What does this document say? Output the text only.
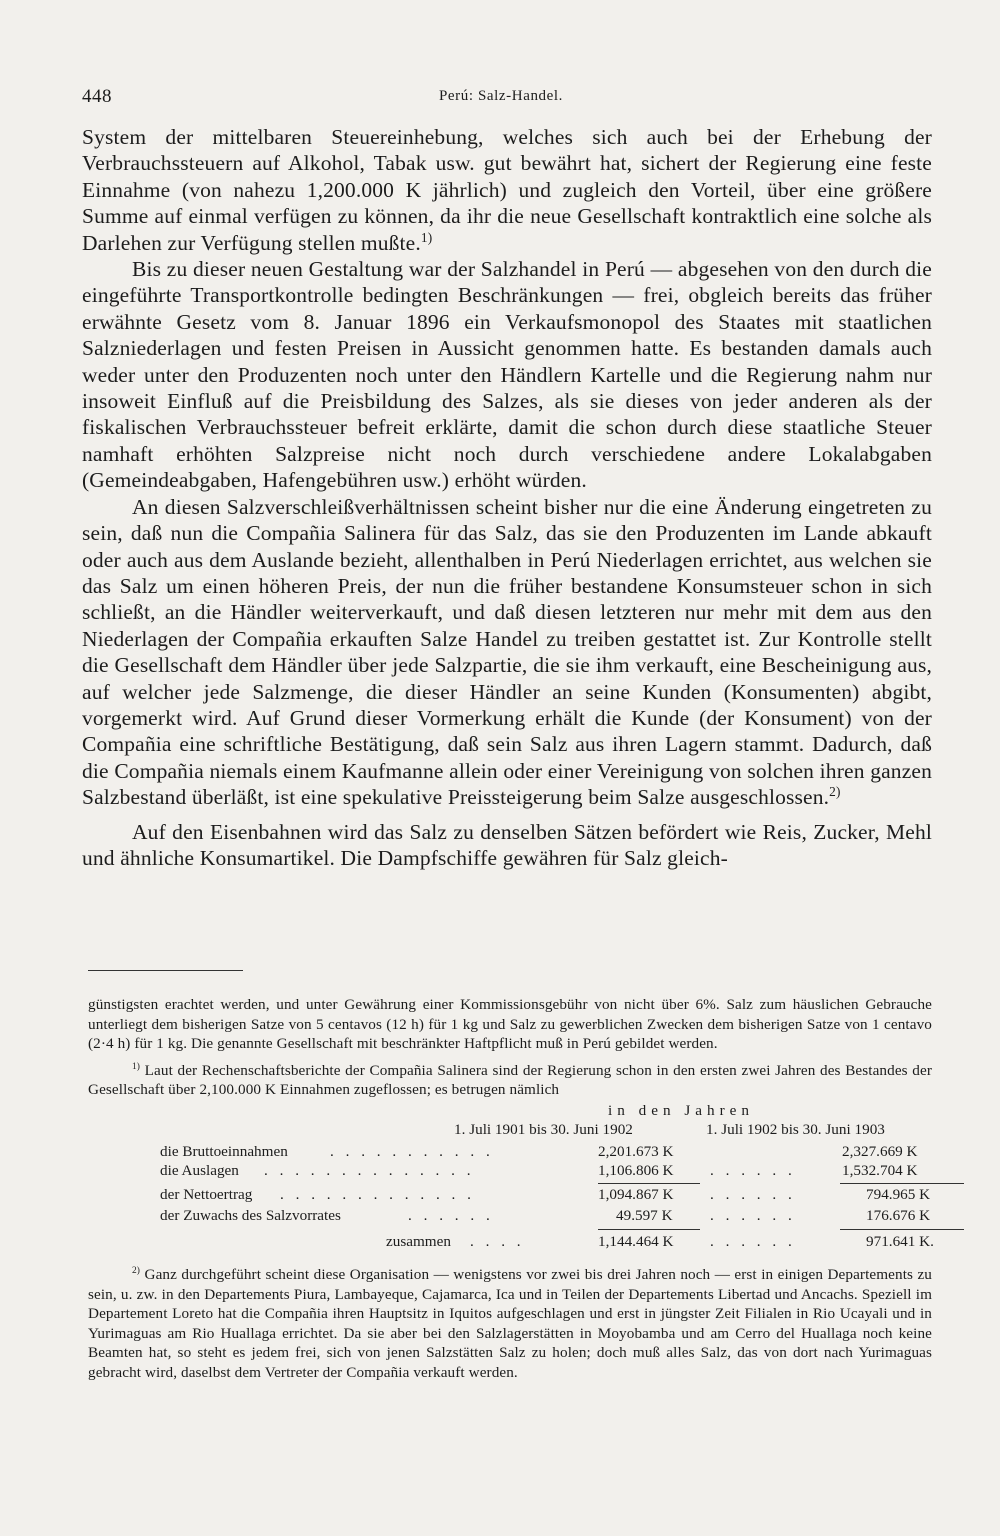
448	Perú: Salz-Handel.

System der mittelbaren Steuereinhebung, welches sich auch bei der Erhebung der Verbrauchssteuern auf Alkohol, Tabak usw. gut bewährt hat, sichert der Regierung eine feste Einnahme (von nahezu 1,200.000 K jährlich) und zugleich den Vorteil, über eine größere Summe auf einmal verfügen zu können, da ihr die neue Gesellschaft kontraktlich eine solche als Darlehen zur Verfügung stellen mußte.$^{1)}$

Bis zu dieser neuen Gestaltung war der Salzhandel in Perú — abgesehen von den durch die eingeführte Transportkontrolle bedingten Beschränkungen — frei, obgleich bereits das früher erwähnte Gesetz vom 8. Januar 1896 ein Verkaufsmonopol des Staates mit staatlichen Salzniederlagen und festen Preisen in Aussicht genommen hatte. Es bestanden damals auch weder unter den Produzenten noch unter den Händlern Kartelle und die Regierung nahm nur insoweit Einfluß auf die Preisbildung des Salzes, als sie dieses von jeder anderen als der fiskalischen Verbrauchssteuer befreit erklärte, damit die schon durch diese staatliche Steuer namhaft erhöhten Salzpreise nicht noch durch verschiedene andere Lokalabgaben (Gemeindeabgaben, Hafengebühren usw.) erhöht würden.

An diesen Salzverschleißverhältnissen scheint bisher nur die eine Änderung eingetreten zu sein, daß nun die Compañia Salinera für das Salz, das sie den Produzenten im Lande abkauft oder auch aus dem Auslande bezieht, allenthalben in Perú Niederlagen errichtet, aus welchen sie das Salz um einen höheren Preis, der nun die früher bestandene Konsumsteuer schon in sich schließt, an die Händler weiterverkauft, und daß diesen letzteren nur mehr mit dem aus den Niederlagen der Compañia erkauften Salze Handel zu treiben gestattet ist. Zur Kontrolle stellt die Gesellschaft dem Händler über jede Salzpartie, die sie ihm verkauft, eine Bescheinigung aus, auf welcher jede Salzmenge, die dieser Händler an seine Kunden (Konsumenten) abgibt, vorgemerkt wird. Auf Grund dieser Vormerkung erhält die Kunde (der Konsument) von der Compañia eine schriftliche Bestätigung, daß sein Salz aus ihren Lagern stammt. Dadurch, daß die Compañia niemals einem Kaufmanne allein oder einer Vereinigung von solchen ihren ganzen Salzbestand überläßt, ist eine spekulative Preissteigerung beim Salze ausgeschlossen.$^{2)}$

Auf den Eisenbahnen wird das Salz zu denselben Sätzen befördert wie Reis, Zucker, Mehl und ähnliche Konsumartikel. Die Dampfschiffe gewähren für Salz gleich-

günstigsten erachtet werden, und unter Gewährung einer Kommissionsgebühr von nicht über 6%. Salz zum häuslichen Gebrauche unterliegt dem bisherigen Satze von 5 centavos (12 h) für 1 kg und Salz zu gewerblichen Zwecken dem bisherigen Satze von 1 centavo (2·4 h) für 1 kg. Die genannte Gesellschaft mit beschränkter Haftpflicht muß in Perú gebildet werden.

$^{1)}$ Laut der Rechenschaftsberichte der Compañia Salinera sind der Regierung schon in den ersten zwei Jahren des Bestandes der Gesellschaft über 2,100.000 K Einnahmen zugeflossen; es betrugen nämlich

in den Jahren
1. Juli 1901 bis 30. Juni 1902	1. Juli 1902 bis 30. Juni 1903
die Bruttoeinnahmen	. . . . . . . . . . .	2,201.673 K	2,327.669 K
die Auslagen . . . . . . . . . . . . . .	1,106.806 K . . . . . .	1,532.704 K
der Nettoertrag . . . . . . . . . . . . .	1,094.867 K . . . . . .	794.965 K
der Zuwachs des Salzvorrates	. . . . . .	49.597 K . . . . . .	176.676 K
zusammen . . . .	1,144.464 K . . . . . .	971.641 K.

$^{2)}$ Ganz durchgeführt scheint diese Organisation — wenigstens vor zwei bis drei Jahren noch — erst in einigen Departements zu sein, u. zw. in den Departements Piura, Lambayeque, Cajamarca, Ica und in Teilen der Departements Libertad und Ancachs. Speziell im Departement Loreto hat die Compañia ihren Hauptsitz in Iquitos aufgeschlagen und erst in jüngster Zeit Filialen in Rio Ucayali und in Yurimaguas am Rio Huallaga errichtet. Da sie aber bei den Salzlagerstätten in Moyobamba und am Cerro del Huallaga noch keine Beamten hat, so steht es jedem frei, sich von jenen Salzstätten Salz zu holen; doch muß alles Salz, das von dort nach Yurimaguas gebracht wird, daselbst dem Vertreter der Compañia verkauft werden.
